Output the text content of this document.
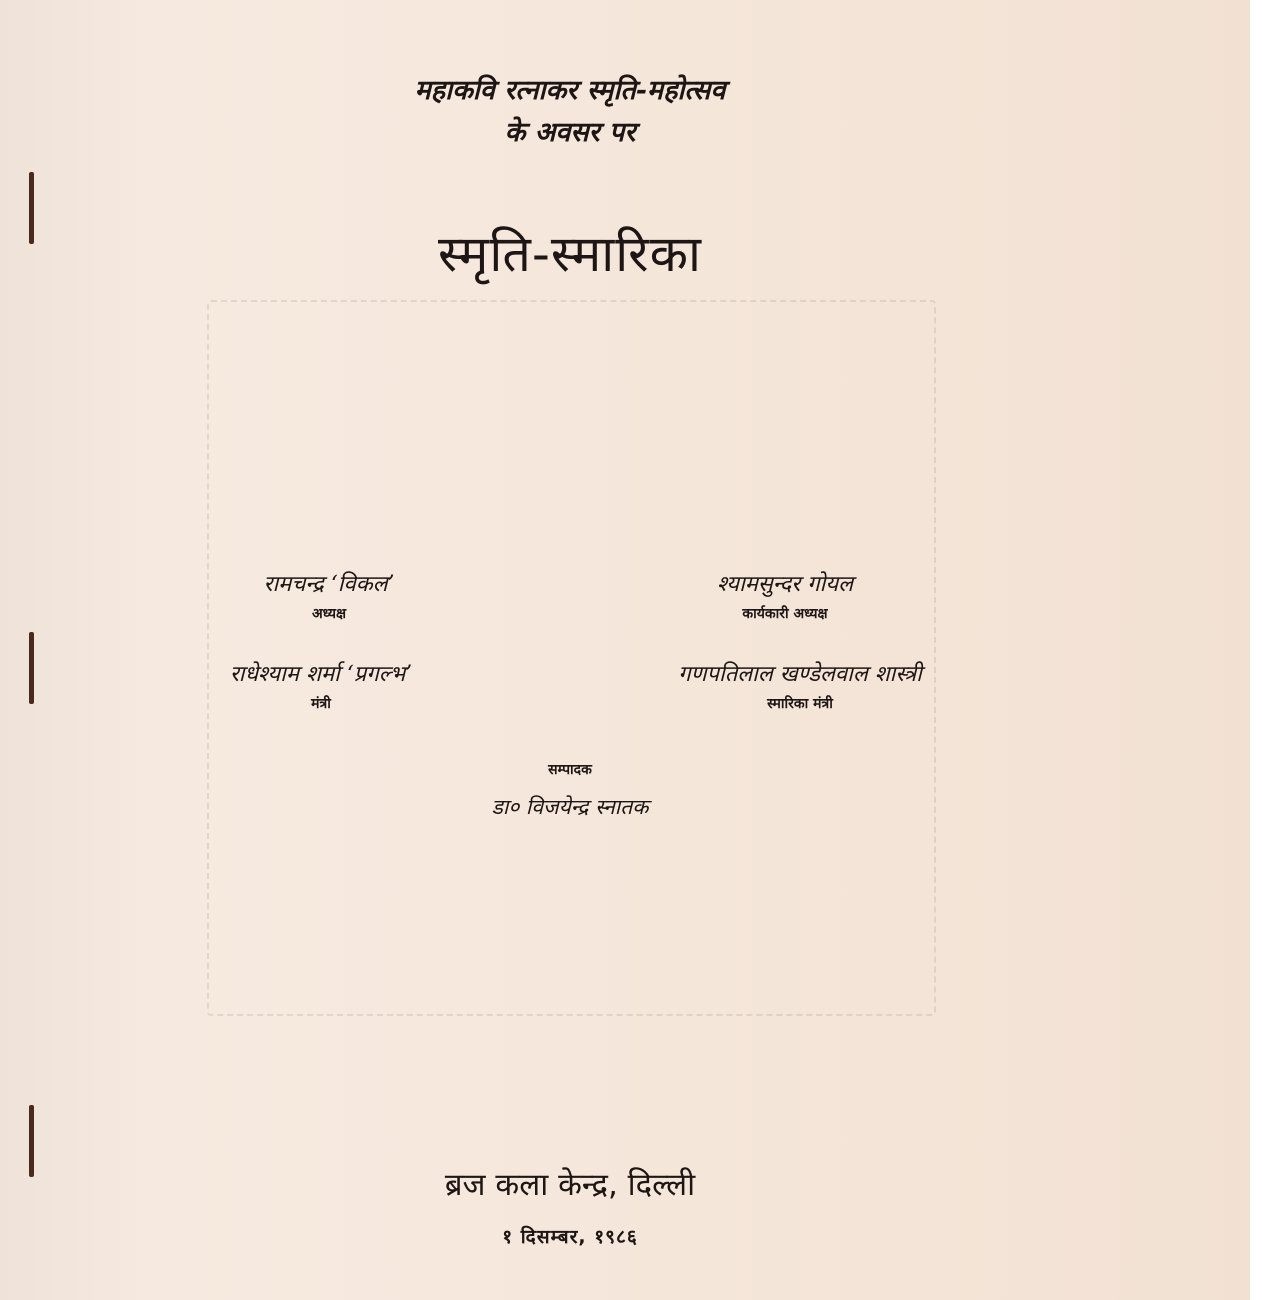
महाकवि रत्नाकर स्मृति-महोत्सव
के अवसर पर
स्मृति-स्मारिका
रामचन्द्र ‘विकल’
अध्यक्ष
श्यामसुन्दर गोयल
कार्यकारी अध्यक्ष
राधेश्याम शर्मा ‘प्रगल्भ’
मंत्री
गणपतिलाल खण्डेलवाल शास्त्री
स्मारिका मंत्री
सम्पादक
डा० विजयेन्द्र स्नातक
ब्रज कला केन्द्र, दिल्ली
१ दिसम्बर, १९८६
